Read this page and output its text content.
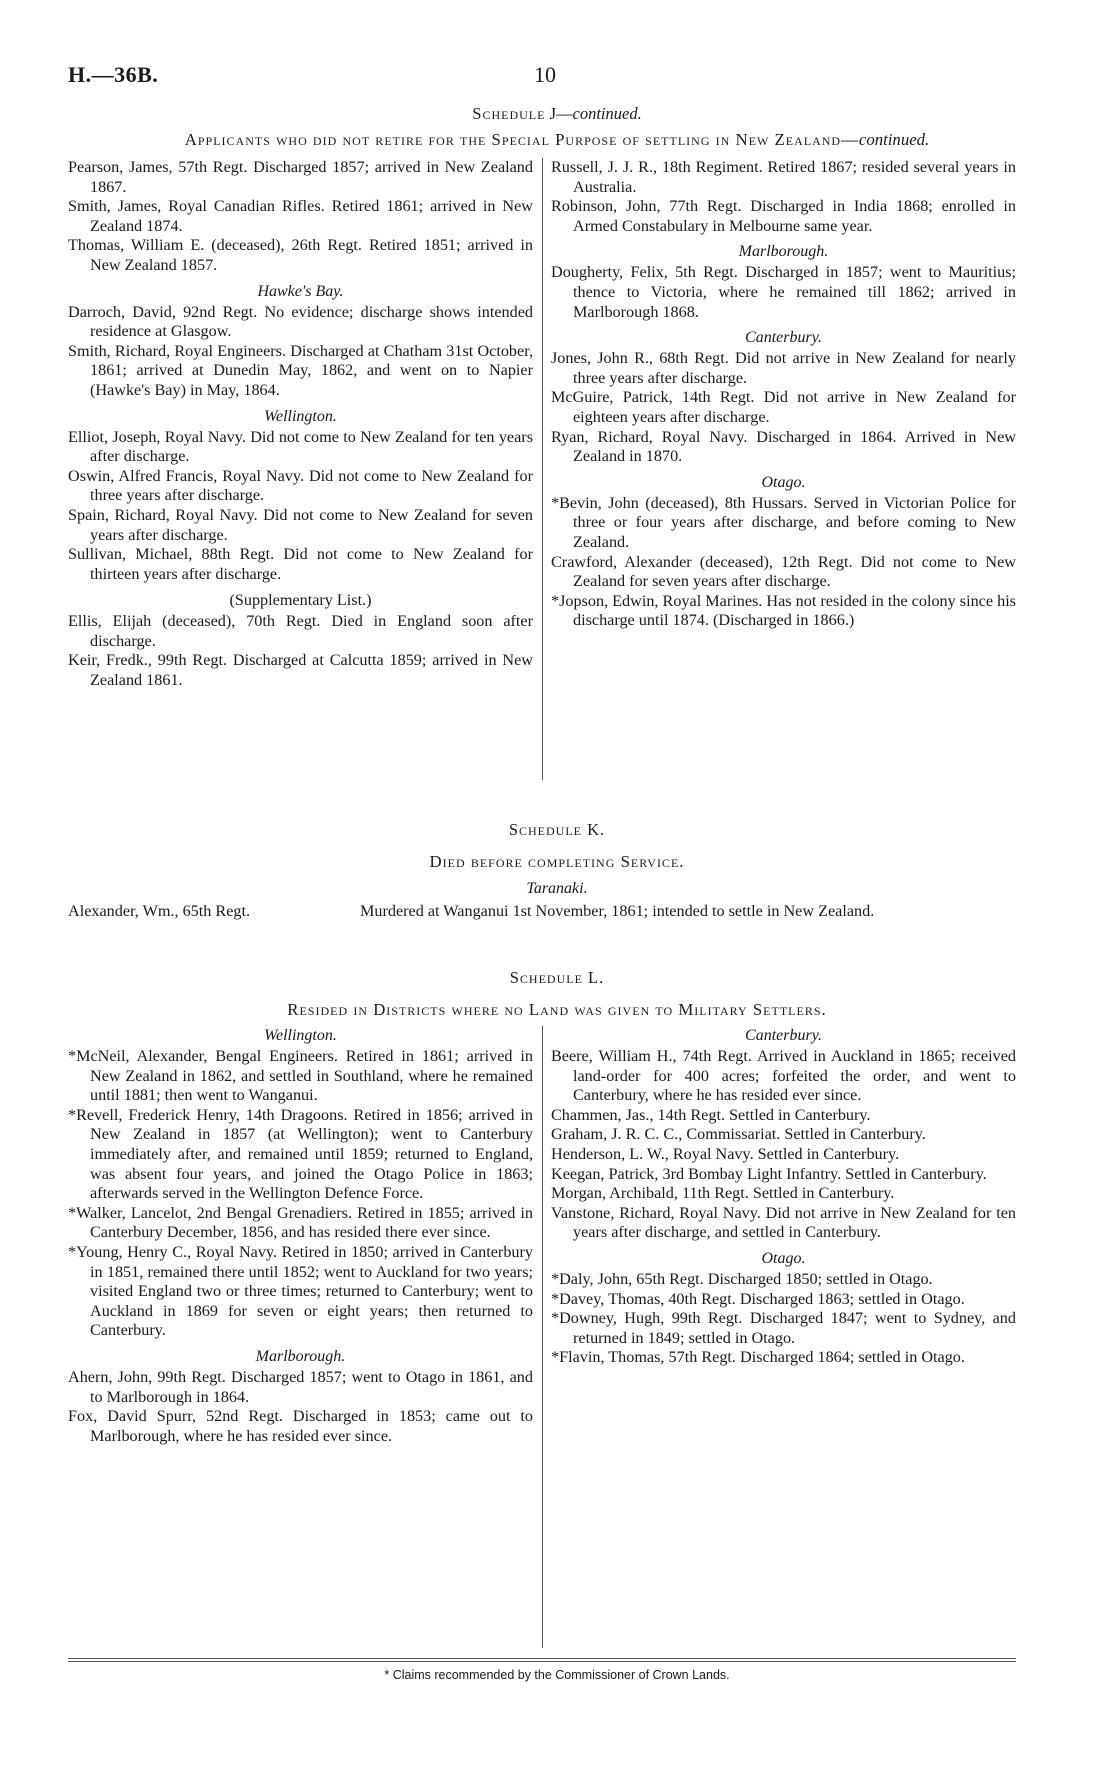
H.—36B.	10
Schedule J—continued.
Applicants who did not retire for the Special Purpose of settling in New Zealand—continued.
Pearson, James, 57th Regt. Discharged 1857; arrived in New Zealand 1867.
Smith, James, Royal Canadian Rifles. Retired 1861; arrived in New Zealand 1874.
Thomas, William E. (deceased), 26th Regt. Retired 1851; arrived in New Zealand 1857.
Hawke's Bay.
Darroch, David, 92nd Regt. No evidence; discharge shows intended residence at Glasgow.
Smith, Richard, Royal Engineers. Discharged at Chatham 31st October, 1861; arrived at Dunedin May, 1862, and went on to Napier (Hawke's Bay) in May, 1864.
Wellington.
Elliot, Joseph, Royal Navy. Did not come to New Zealand for ten years after discharge.
Oswin, Alfred Francis, Royal Navy. Did not come to New Zealand for three years after discharge.
Spain, Richard, Royal Navy. Did not come to New Zealand for seven years after discharge.
Sullivan, Michael, 88th Regt. Did not come to New Zealand for thirteen years after discharge.
(Supplementary List.)
Ellis, Elijah (deceased), 70th Regt. Died in England soon after discharge.
Keir, Fredk., 99th Regt. Discharged at Calcutta 1859; arrived in New Zealand 1861.
Russell, J. J. R., 18th Regiment. Retired 1867; resided several years in Australia.
Robinson, John, 77th Regt. Discharged in India 1868; enrolled in Armed Constabulary in Melbourne same year.
Marlborough.
Dougherty, Felix, 5th Regt. Discharged in 1857; went to Mauritius; thence to Victoria, where he remained till 1862; arrived in Marlborough 1868.
Canterbury.
Jones, John R., 68th Regt. Did not arrive in New Zealand for nearly three years after discharge.
McGuire, Patrick, 14th Regt. Did not arrive in New Zealand for eighteen years after discharge.
Ryan, Richard, Royal Navy. Discharged in 1864. Arrived in New Zealand in 1870.
Otago.
*Bevin, John (deceased), 8th Hussars. Served in Victorian Police for three or four years after discharge, and before coming to New Zealand.
Crawford, Alexander (deceased), 12th Regt. Did not come to New Zealand for seven years after discharge.
*Jopson, Edwin, Royal Marines. Has not resided in the colony since his discharge until 1874. (Discharged in 1866.)
Schedule K.
Died before completing Service.
Taranaki.
Alexander, Wm., 65th Regt.	Murdered at Wanganui 1st November, 1861; intended to settle in New Zealand.
Schedule L.
Resided in Districts where no Land was given to Military Settlers.
Wellington.
*McNeil, Alexander, Bengal Engineers. Retired in 1861; arrived in New Zealand in 1862, and settled in Southland, where he remained until 1881; then went to Wanganui.
*Revell, Frederick Henry, 14th Dragoons. Retired in 1856; arrived in New Zealand in 1857 (at Wellington); went to Canterbury immediately after, and remained until 1859; returned to England, was absent four years, and joined the Otago Police in 1863; afterwards served in the Wellington Defence Force.
*Walker, Lancelot, 2nd Bengal Grenadiers. Retired in 1855; arrived in Canterbury December, 1856, and has resided there ever since.
*Young, Henry C., Royal Navy. Retired in 1850; arrived in Canterbury in 1851, remained there until 1852; went to Auckland for two years; visited England two or three times; returned to Canterbury; went to Auckland in 1869 for seven or eight years; then returned to Canterbury.
Marlborough.
Ahern, John, 99th Regt. Discharged 1857; went to Otago in 1861, and to Marlborough in 1864.
Fox, David Spurr, 52nd Regt. Discharged in 1853; came out to Marlborough, where he has resided ever since.
Canterbury.
Beere, William H., 74th Regt. Arrived in Auckland in 1865; received land-order for 400 acres; forfeited the order, and went to Canterbury, where he has resided ever since.
Chammen, Jas., 14th Regt. Settled in Canterbury.
Graham, J. R. C. C., Commissariat. Settled in Canterbury.
Henderson, L. W., Royal Navy. Settled in Canterbury.
Keegan, Patrick, 3rd Bombay Light Infantry. Settled in Canterbury.
Morgan, Archibald, 11th Regt. Settled in Canterbury.
Vanstone, Richard, Royal Navy. Did not arrive in New Zealand for ten years after discharge, and settled in Canterbury.
Otago.
*Daly, John, 65th Regt. Discharged 1850; settled in Otago.
*Davey, Thomas, 40th Regt. Discharged 1863; settled in Otago.
*Downey, Hugh, 99th Regt. Discharged 1847; went to Sydney, and returned in 1849; settled in Otago.
*Flavin, Thomas, 57th Regt. Discharged 1864; settled in Otago.
* Claims recommended by the Commissioner of Crown Lands.
